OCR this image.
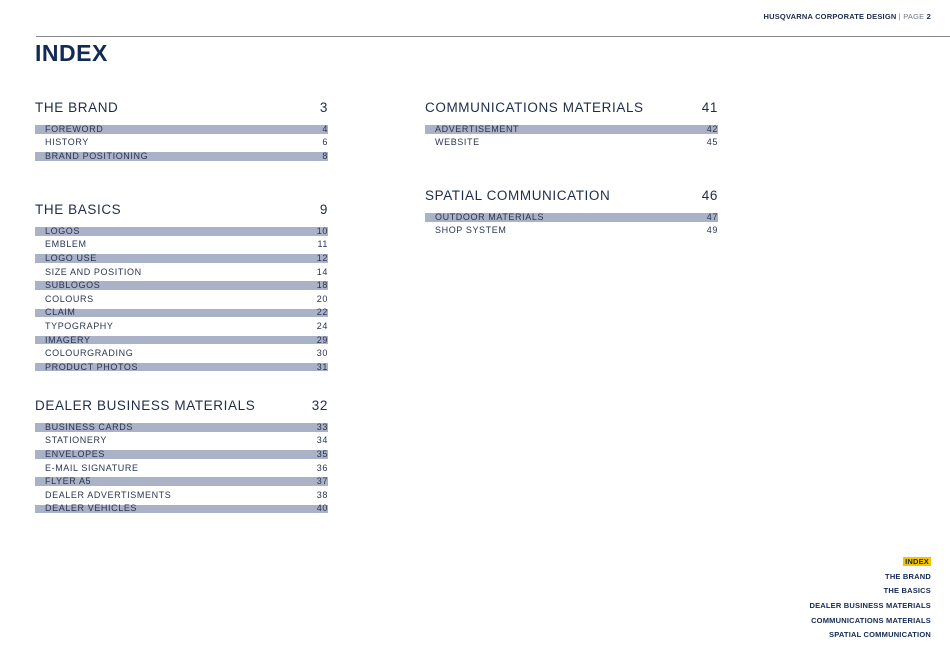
HUSQVARNA CORPORATE DESIGN | PAGE 2
INDEX
THE BRAND	3
FOREWORD	4
HISTORY	6
BRAND POSITIONING	8
THE BASICS	9
LOGOS	10
EMBLEM	11
LOGO USE	12
SIZE AND POSITION	14
SUBLOGOS	18
COLOURS	20
CLAIM	22
TYPOGRAPHY	24
IMAGERY	29
COLOURGRADING	30
PRODUCT PHOTOS	31
DEALER BUSINESS MATERIALS	32
BUSINESS CARDS	33
STATIONERY	34
ENVELOPES	35
E-MAIL SIGNATURE	36
FLYER A5	37
DEALER ADVERTISMENTS	38
DEALER VEHICLES	40
COMMUNICATIONS MATERIALS	41
ADVERTISEMENT	42
WEBSITE	45
SPATIAL COMMUNICATION	46
OUTDOOR MATERIALS	47
SHOP SYSTEM	49
INDEX
THE BRAND
THE BASICS
DEALER BUSINESS MATERIALS
COMMUNICATIONS MATERIALS
SPATIAL COMMUNICATION
